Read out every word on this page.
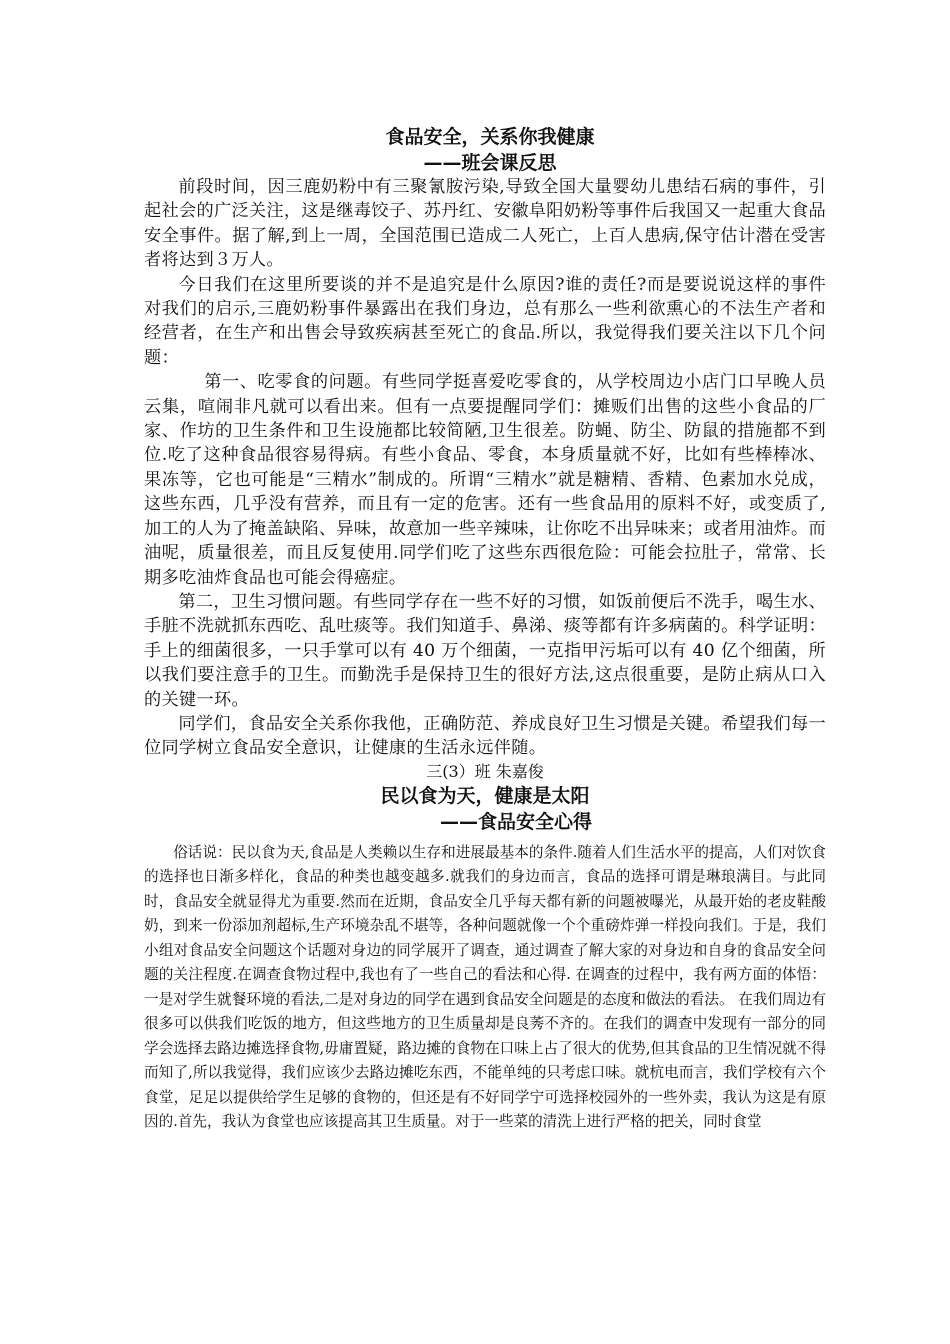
食品安全，关系你我健康
——班会课反思

前段时间，因三鹿奶粉中有三聚氰胺污染,导致全国大量婴幼儿患结石病的事件，引起社会的广泛关注，这是继毒饺子、苏丹红、安徽阜阳奶粉等事件后我国又一起重大食品安全事件。据了解,到上一周，全国范围已造成二人死亡，上百人患病,保守估计潜在受害者将达到３万人。

今日我们在这里所要谈的并不是追究是什么原因?谁的责任?而是要说说这样的事件对我们的启示,三鹿奶粉事件暴露出在我们身边，总有那么一些利欲熏心的不法生产者和经营者，在生产和出售会导致疾病甚至死亡的食品.所以，我觉得我们要关注以下几个问题：

第一、吃零食的问题。有些同学挺喜爱吃零食的，从学校周边小店门口早晚人员云集，喧闹非凡就可以看出来。但有一点要提醒同学们：摊贩们出售的这些小食品的厂家、作坊的卫生条件和卫生设施都比较简陋,卫生很差。防蝇、防尘、防鼠的措施都不到位.吃了这种食品很容易得病。有些小食品、零食，本身质量就不好，比如有些棒棒冰、果冻等，它也可能是“三精水”制成的。所谓“三精水”就是糖精、香精、色素加水兑成，这些东西，几乎没有营养，而且有一定的危害。还有一些食品用的原料不好，或变质了,加工的人为了掩盖缺陷、异味，故意加一些辛辣味，让你吃不出异味来；或者用油炸。而油呢，质量很差，而且反复使用.同学们吃了这些东西很危险：可能会拉肚子，常常、长期多吃油炸食品也可能会得癌症。

第二，卫生习惯问题。有些同学存在一些不好的习惯，如饭前便后不洗手，喝生水、手脏不洗就抓东西吃、乱吐痰等。我们知道手、鼻涕、痰等都有许多病菌的。科学证明：手上的细菌很多，一只手掌可以有 40 万个细菌，一克指甲污垢可以有 40 亿个细菌，所以我们要注意手的卫生。而勤洗手是保持卫生的很好方法,这点很重要，是防止病从口入的关键一环。

同学们，食品安全关系你我他，正确防范、养成良好卫生习惯是关键。希望我们每一位同学树立食品安全意识，让健康的生活永远伴随。

三(3）班 朱嘉俊

民以食为天，健康是太阳
——食品安全心得

俗话说：民以食为天,食品是人类赖以生存和进展最基本的条件.随着人们生活水平的提高，人们对饮食的选择也日渐多样化，食品的种类也越变越多.就我们的身边而言，食品的选择可谓是琳琅满目。与此同时，食品安全就显得尤为重要.然而在近期，食品安全几乎每天都有新的问题被曝光，从最开始的老皮鞋酸奶，到来一份添加剂超标,生产环境杂乱不堪等，各种问题就像一个个重磅炸弹一样投向我们。于是，我们小组对食品安全问题这个话题对身边的同学展开了调查，通过调查了解大家的对身边和自身的食品安全问题的关注程度.在调查食物过程中,我也有了一些自己的看法和心得. 在调查的过程中，我有两方面的体悟：一是对学生就餐环境的看法,二是对身边的同学在遇到食品安全问题是的态度和做法的看法。 在我们周边有很多可以供我们吃饭的地方，但这些地方的卫生质量却是良莠不齐的。在我们的调查中发现有一部分的同学会选择去路边摊选择食物,毋庸置疑，路边摊的食物在口味上占了很大的优势,但其食品的卫生情况就不得而知了,所以我觉得，我们应该少去路边摊吃东西，不能单纯的只考虑口味。就杭电而言，我们学校有六个食堂，足足以提供给学生足够的食物的，但还是有不好同学宁可选择校园外的一些外卖，我认为这是有原因的.首先，我认为食堂也应该提高其卫生质量。对于一些菜的清洗上进行严格的把关，同时食堂
